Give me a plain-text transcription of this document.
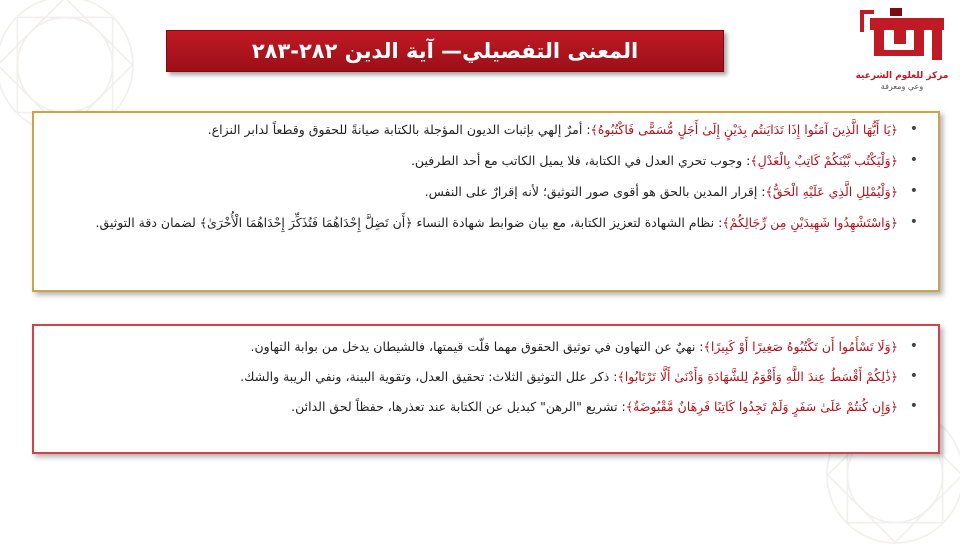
المعنى التفصيلي— آية الدين ٢٨٢-٢٨٣
مركز للعلوم الشرعية
وعي ومعرفة
• ﴿يَا أَيُّهَا الَّذِينَ آمَنُوا إِذَا تَدَايَنتُم بِدَيْنٍ إِلَىٰ أَجَلٍ مُّسَمًّى فَاكْتُبُوهُ﴾: أمرٌ إلهي بإثبات الديون المؤجلة بالكتابة صيانةً للحقوق وقطعاً لدابر النزاع.
• ﴿وَلْيَكْتُب بَّيْنَكُمْ كَاتِبٌ بِالْعَدْلِ﴾: وجوب تحري العدل في الكتابة، فلا يميل الكاتب مع أحد الطرفين.
• ﴿وَلْيُمْلِلِ الَّذِي عَلَيْهِ الْحَقُّ﴾: إقرار المدين بالحق هو أقوى صور التوثيق؛ لأنه إقرارٌ على النفس.
• ﴿وَاسْتَشْهِدُوا شَهِيدَيْنِ مِن رِّجَالِكُمْ﴾: نظام الشهادة لتعزيز الكتابة، مع بيان ضوابط شهادة النساء ﴿أَن تَضِلَّ إِحْدَاهُمَا فَتُذَكِّرَ إِحْدَاهُمَا الْأُخْرَىٰ﴾ لضمان دقة التوثيق.
• ﴿وَلَا تَسْأَمُوا أَن تَكْتُبُوهُ صَغِيرًا أَوْ كَبِيرًا﴾: نهيٌ عن التهاون في توثيق الحقوق مهما قلّت قيمتها، فالشيطان يدخل من بوابة التهاون.
• ﴿ذَٰلِكُمْ أَقْسَطُ عِندَ اللَّهِ وَأَقْوَمُ لِلشَّهَادَةِ وَأَدْنَىٰ أَلَّا تَرْتَابُوا﴾: ذكر علل التوثيق الثلاث: تحقيق العدل، وتقوية البينة، ونفي الريبة والشك.
• ﴿وَإِن كُنتُمْ عَلَىٰ سَفَرٍ وَلَمْ تَجِدُوا كَاتِبًا فَرِهَانٌ مَّقْبُوضَةٌ﴾: تشريع "الرهن" كبديل عن الكتابة عند تعذرها، حفظاً لحق الدائن.
